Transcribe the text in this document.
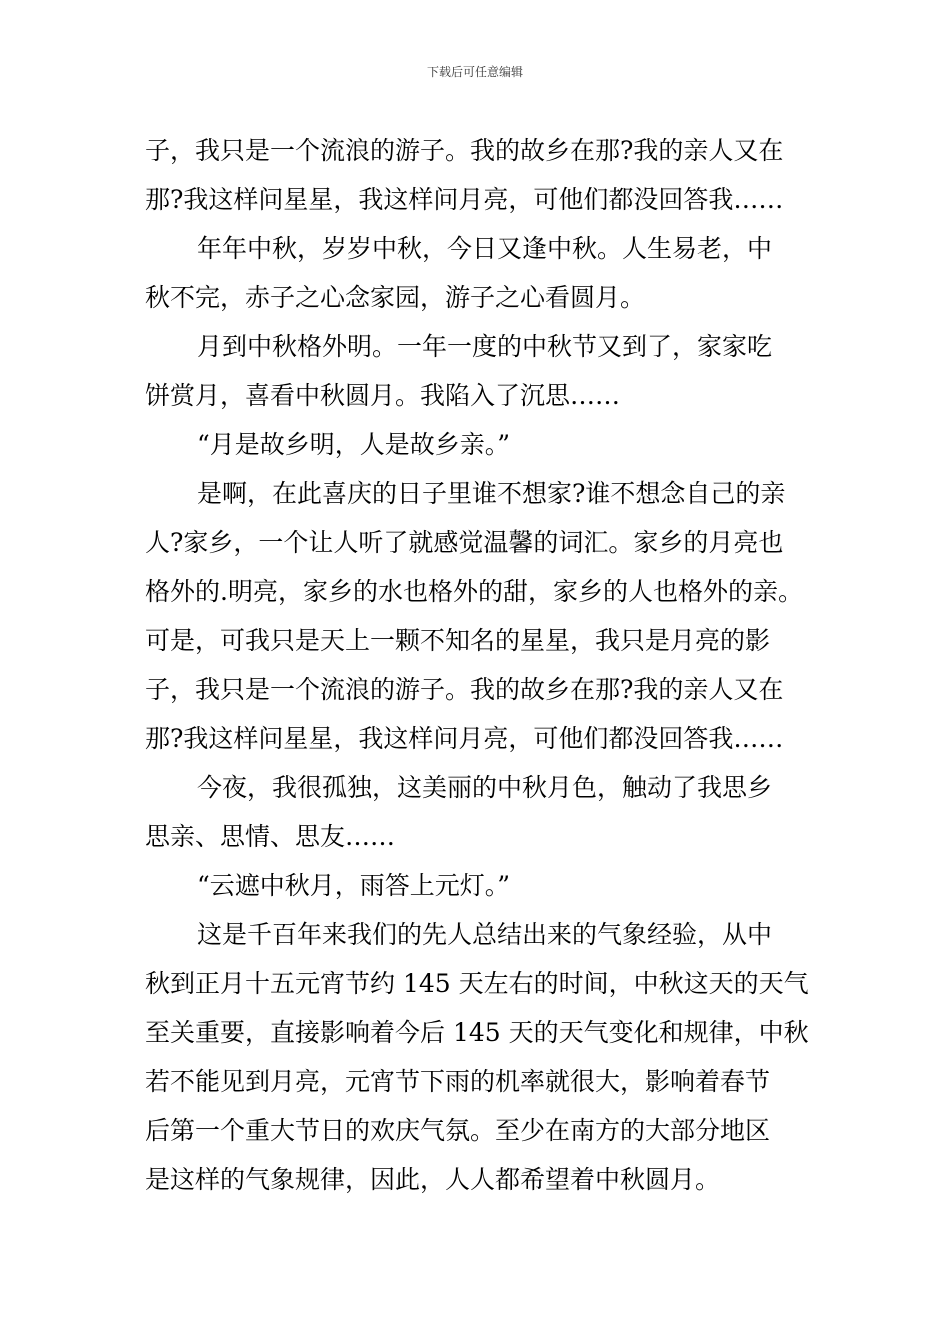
下载后可任意编辑
子，我只是一个流浪的游子。我的故乡在那?我的亲人又在
那?我这样问星星，我这样问月亮，可他们都没回答我……
年年中秋，岁岁中秋，今日又逢中秋。人生易老，中
秋不完，赤子之心念家园，游子之心看圆月。
月到中秋格外明。一年一度的中秋节又到了，家家吃
饼赏月，喜看中秋圆月。我陷入了沉思……
“月是故乡明，人是故乡亲。”
是啊，在此喜庆的日子里谁不想家?谁不想念自己的亲
人?家乡，一个让人听了就感觉温馨的词汇。家乡的月亮也
格外的.明亮，家乡的水也格外的甜，家乡的人也格外的亲。
可是，可我只是天上一颗不知名的星星，我只是月亮的影
子，我只是一个流浪的游子。我的故乡在那?我的亲人又在
那?我这样问星星，我这样问月亮，可他们都没回答我……
今夜，我很孤独，这美丽的中秋月色，触动了我思乡
思亲、思情、思友……
“云遮中秋月，雨答上元灯。”
这是千百年来我们的先人总结出来的气象经验，从中
秋到正月十五元宵节约 145 天左右的时间，中秋这天的天气
至关重要，直接影响着今后 145 天的天气变化和规律，中秋
若不能见到月亮，元宵节下雨的机率就很大，影响着春节
后第一个重大节日的欢庆气氛。至少在南方的大部分地区
是这样的气象规律，因此，人人都希望着中秋圆月。
